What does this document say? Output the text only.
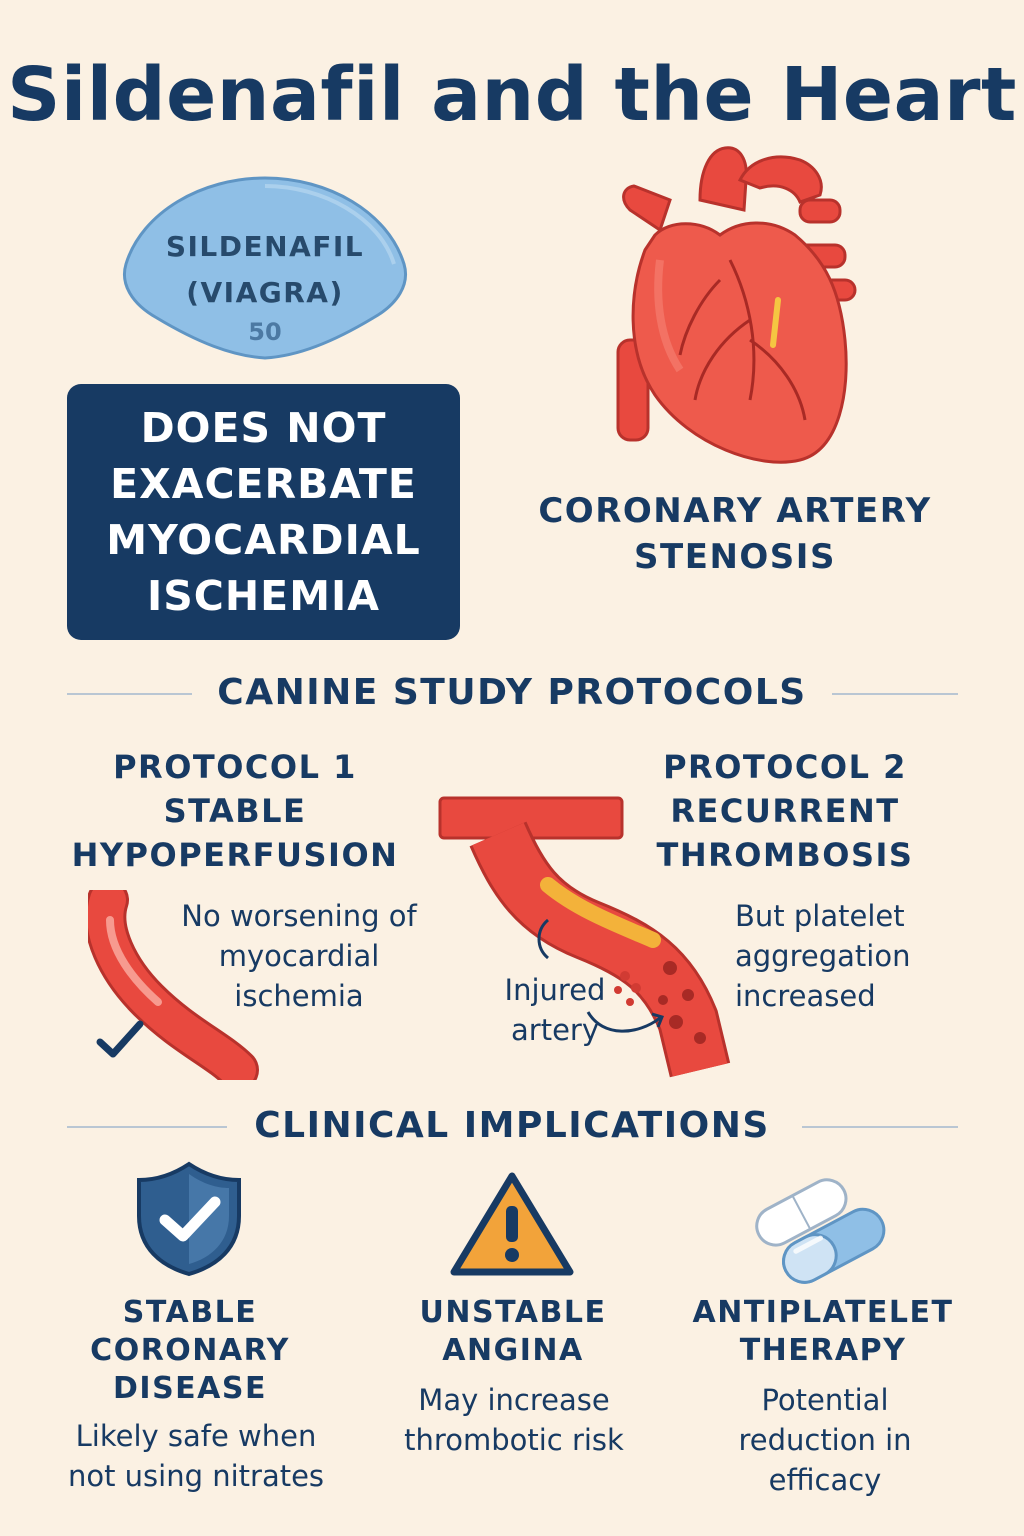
Sildenafil and the Heart
SILDENAFIL
(VIAGRA)
50
DOES NOT
EXACERBATE
MYOCARDIAL
ISCHEMIA
CORONARY ARTERY
STENOSIS
CANINE STUDY PROTOCOLS
PROTOCOL 1
STABLE
HYPOPERFUSION
No worsening of
myocardial
ischemia	Injured
artery
PROTOCOL 2
RECURRENT
THROMBOSIS
But platelet
aggregation
increased
CLINICAL IMPLICATIONS
STABLE
CORONARY
DISEASE
Likely safe when
not using nitrates
UNSTABLE
ANGINA
May increase
thrombotic risk
ANTIPLATELET
THERAPY
Potential
reduction in
efficacy
